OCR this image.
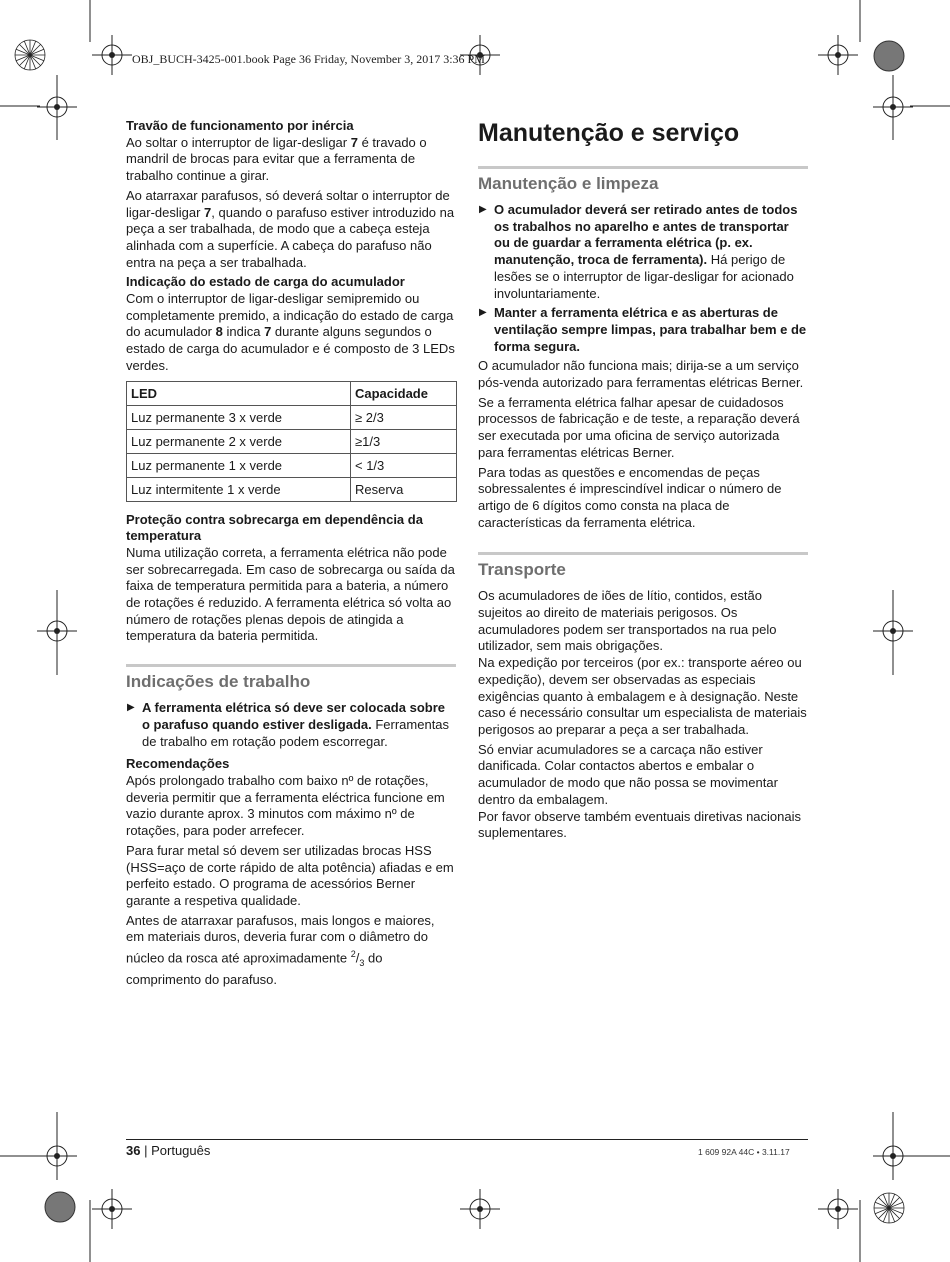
OBJ_BUCH-3425-001.book Page 36 Friday, November 3, 2017 3:36 PM

Travão de funcionamento por inércia

Ao soltar o interruptor de ligar-desligar 7 é travado o mandril de brocas para evitar que a ferramenta de trabalho continue a girar.

Ao atarraxar parafusos, só deverá soltar o interruptor de ligar-desligar 7, quando o parafuso estiver introduzido na peça a ser trabalhada, de modo que a cabeça esteja alinhada com a superfície. A cabeça do parafuso não entra na peça a ser trabalhada.

Indicação do estado de carga do acumulador

Com o interruptor de ligar-desligar semipremido ou completamente premido, a indicação do estado de carga do acumulador 8 indica 7 durante alguns segundos o estado de carga do acumulador e é composto de 3 LEDs verdes.

LED	Capacidade
Luz permanente 3 x verde	≥ 2/3
Luz permanente 2 x verde	≥1/3
Luz permanente 1 x verde	< 1/3
Luz intermitente 1 x verde	Reserva

Proteção contra sobrecarga em dependência da temperatura

Numa utilização correta, a ferramenta elétrica não pode ser sobrecarregada. Em caso de sobrecarga ou saída da faixa de temperatura permitida para a bateria, a número de rotações é reduzido. A ferramenta elétrica só volta ao número de rotações plenas depois de atingida a temperatura da bateria permitida.

Indicações de trabalho

▶ A ferramenta elétrica só deve ser colocada sobre o parafuso quando estiver desligada. Ferramentas de trabalho em rotação podem escorregar.

Recomendações

Após prolongado trabalho com baixo nº de rotações, deveria permitir que a ferramenta eléctrica funcione em vazio durante aprox. 3 minutos com máximo nº de rotações, para poder arrefecer.

Para furar metal só devem ser utilizadas brocas HSS (HSS=aço de corte rápido de alta potência) afiadas e em perfeito estado. O programa de acessórios Berner garante a respetiva qualidade.

Antes de atarraxar parafusos, mais longos e maiores, em materiais duros, deveria furar com o diâmetro do núcleo da rosca até aproximadamente $^2/_3$ do comprimento do parafuso.

Manutenção e serviço
Manutenção e limpeza

▶ O acumulador deverá ser retirado antes de todos os trabalhos no aparelho e antes de transportar ou de guardar a ferramenta elétrica (p. ex. manutenção, troca de ferramenta). Há perigo de lesões se o interruptor de ligar-desligar for acionado involuntariamente.

▶ Manter a ferramenta elétrica e as aberturas de ventilação sempre limpas, para trabalhar bem e de forma segura.

O acumulador não funciona mais; dirija-se a um serviço pós-venda autorizado para ferramentas elétricas Berner.

Se a ferramenta elétrica falhar apesar de cuidadosos processos de fabricação e de teste, a reparação deverá ser executada por uma oficina de serviço autorizada para ferramentas elétricas Berner.

Para todas as questões e encomendas de peças sobressalentes é imprescindível indicar o número de artigo de 6 dígitos como consta na placa de características da ferramenta elétrica.

Transporte

Os acumuladores de iões de lítio, contidos, estão sujeitos ao direito de materiais perigosos. Os acumuladores podem ser transportados na rua pelo utilizador, sem mais obrigações.

Na expedição por terceiros (por ex.: transporte aéreo ou expedição), devem ser observadas as especiais exigências quanto à embalagem e à designação. Neste caso é necessário consultar um especialista de materiais perigosos ao preparar a peça a ser trabalhada.

Só enviar acumuladores se a carcaça não estiver danificada. Colar contactos abertos e embalar o acumulador de modo que não possa se movimentar dentro da embalagem.

Por favor observe também eventuais diretivas nacionais suplementares.

36 | Português	1 609 92A 44C • 3.11.17
